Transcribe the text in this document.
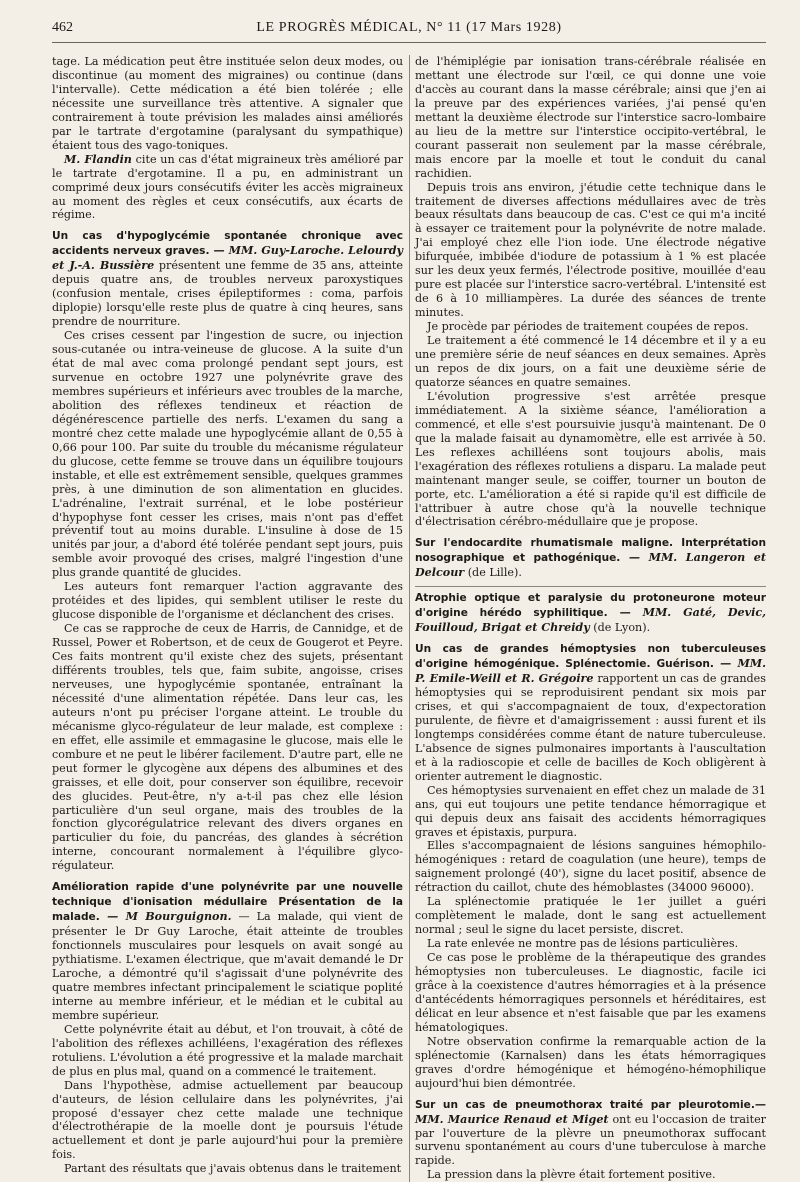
462	LE PROGRÈS MÉDICAL, N° 11 (17 Mars 1928)

tage. La médication peut être instituée selon deux modes, ou discontinue (au moment des migraines) ou continue (dans l'intervalle). Cette médication a été bien tolérée ; elle nécessite une surveillance très attentive. A signaler que contrairement à toute prévision les malades ainsi améliorés par le tartrate d'ergotamine (paralysant du sympathique) étaient tous des vago-toniques.

M. Flandin cite un cas d'état migraineux très amélioré par le tartrate d'ergotamine. Il a pu, en administrant un comprimé deux jours consécutifs éviter les accès migraineux au moment des règles et ceux consécutifs, aux écarts de régime.

Un cas d'hypoglycémie spontanée chronique avec accidents nerveux graves. — MM. Guy-Laroche. Lelourdy et J.-A. Bussière présentent une femme de 35 ans, atteinte depuis quatre ans, de troubles nerveux paroxystiques (confusion mentale, crises épileptiformes : coma, parfois diplopie) lorsqu'elle reste plus de quatre à cinq heures, sans prendre de nourriture.

Ces crises cessent par l'ingestion de sucre, ou injection sous-cutanée ou intra-veineuse de glucose. A la suite d'un état de mal avec coma prolongé pendant sept jours, est survenue en octobre 1927 une polynévrite grave des membres supérieurs et inférieurs avec troubles de la marche, abolition des réflexes tendineux et réaction de dégénérescence partielle des nerfs. L'examen du sang a montré chez cette malade une hypoglycémie allant de 0,55 à 0,66 pour 100. Par suite du trouble du mécanisme régulateur du glucose, cette femme se trouve dans un équilibre toujours instable, et elle est extrêmement sensible, quelques grammes près, à une diminution de son alimentation en glucides. L'adrénaline, l'extrait surrénal, et le lobe postérieur d'hypophyse font cesser les crises, mais n'ont pas d'effet préventif tout au moins durable. L'insuline à dose de 15 unités par jour, a d'abord été tolérée pendant sept jours, puis semble avoir provoqué des crises, malgré l'ingestion d'une plus grande quantité de glucides.

Les auteurs font remarquer l'action aggravante des protéides et des lipides, qui semblent utiliser le reste du glucose disponible de l'organisme et déclanchent des crises.

Ce cas se rapproche de ceux de Harris, de Cannidge, et de Russel, Power et Robertson, et de ceux de Gougerot et Peyre. Ces faits montrent qu'il existe chez des sujets, présentant différents troubles, tels que, faim subite, angoisse, crises nerveuses, une hypoglycémie spontanée, entraînant la nécessité d'une alimentation répétée. Dans leur cas, les auteurs n'ont pu préciser l'organe atteint. Le trouble du mécanisme glyco-régulateur de leur malade, est complexe : en effet, elle assimile et emmagasine le glucose, mais elle le combure et ne peut le libérer facilement. D'autre part, elle ne peut former le glycogène aux dépens des albumines et des graisses, et elle doit, pour conserver son équilibre, recevoir des glucides. Peut-être, n'y a-t-il pas chez elle lésion particulière d'un seul organe, mais des troubles de la fonction glycorégulatrice relevant des divers organes en particulier du foie, du pancréas, des glandes à sécrétion interne, concourant normalement à l'équilibre glyco-régulateur.

Amélioration rapide d'une polynévrite par une nouvelle technique d'ionisation médullaire Présentation de la malade. — M Bourguignon. — La malade, qui vient de présenter le Dr Guy Laroche, était atteinte de troubles fonctionnels musculaires pour lesquels on avait songé au pythiatisme. L'examen électrique, que m'avait demandé le Dr Laroche, a démontré qu'il s'agissait d'une polynévrite des quatre membres infectant principalement le sciatique poplité interne au membre inférieur, et le médian et le cubital au membre supérieur.

Cette polynévrite était au début, et l'on trouvait, à côté de l'abolition des réflexes achilléens, l'exagération des réflexes rotuliens. L'évolution a été progressive et la malade marchait de plus en plus mal, quand on a commencé le traitement.

Dans l'hypothèse, admise actuellement par beaucoup d'auteurs, de lésion cellulaire dans les polynévrites, j'ai proposé d'essayer chez cette malade une technique d'électrothérapie de la moelle dont je poursuis l'étude actuellement et dont je parle aujourd'hui pour la première fois.

Partant des résultats que j'avais obtenus dans le traitement

de l'hémiplégie par ionisation trans-cérébrale réalisée en mettant une électrode sur l'œil, ce qui donne une voie d'accès au courant dans la masse cérébrale; ainsi que j'en ai la preuve par des expériences variées, j'ai pensé qu'en mettant la deuxième électrode sur l'interstice sacro-lombaire au lieu de la mettre sur l'interstice occipito-vertébral, le courant passerait non seulement par la masse cérébrale, mais encore par la moelle et tout le conduit du canal rachidien.

Depuis trois ans environ, j'étudie cette technique dans le traitement de diverses affections médullaires avec de très beaux résultats dans beaucoup de cas. C'est ce qui m'a incité à essayer ce traitement pour la polynévrite de notre malade. J'ai employé chez elle l'ion iode. Une électrode négative bifurquée, imbibée d'iodure de potassium à 1 % est placée sur les deux yeux fermés, l'électrode positive, mouillée d'eau pure est placée sur l'interstice sacro-vertébral. L'intensité est de 6 à 10 milliampères. La durée des séances de trente minutes.

Je procède par périodes de traitement coupées de repos.

Le traitement a été commencé le 14 décembre et il y a eu une première série de neuf séances en deux semaines. Après un repos de dix jours, on a fait une deuxième série de quatorze séances en quatre semaines.

L'évolution progressive s'est arrêtée presque immédiatement. A la sixième séance, l'amélioration a commencé, et elle s'est poursuivie jusqu'à maintenant. De 0 que la malade faisait au dynamomètre, elle est arrivée à 50. Les reflexes achilléens sont toujours abolis, mais l'exagération des réflexes rotuliens a disparu. La malade peut maintenant manger seule, se coiffer, tourner un bouton de porte, etc. L'amélioration a été si rapide qu'il est difficile de l'attribuer à autre chose qu'à la nouvelle technique d'électrisation cérébro-médullaire que je propose.

Sur l'endocardite rhumatismale maligne. Interprétation nosographique et pathogénique. — MM. Langeron et Delcour (de Lille).

Atrophie optique et paralysie du protoneurone moteur d'origine hérédo syphilitique. — MM. Gaté, Devic, Fouilloud, Brigat et Chreidy (de Lyon).

Un cas de grandes hémoptysies non tuberculeuses d'origine hémogénique. Splénectomie. Guérison. — MM. P. Emile-Weill et R. Grégoire rapportent un cas de grandes hémoptysies qui se reproduisirent pendant six mois par crises, et qui s'accompagnaient de toux, d'expectoration purulente, de fièvre et d'amaigrissement : aussi furent et ils longtemps considérées comme étant de nature tuberculeuse. L'absence de signes pulmonaires importants à l'auscultation et à la radioscopie et celle de bacilles de Koch obligèrent à orienter autrement le diagnostic.

Ces hémoptysies survenaient en effet chez un malade de 31 ans, qui eut toujours une petite tendance hémorragique et qui depuis deux ans faisait des accidents hémorragiques graves et épistaxis, purpura.

Elles s'accompagnaient de lésions sanguines hémophilo-hémogéniques : retard de coagulation (une heure), temps de saignement prolongé (40'), signe du lacet positif, absence de rétraction du caillot, chute des hémoblastes (34000 96000).

La splénectomie pratiquée le 1er juillet a guéri complètement le malade, dont le sang est actuellement normal ; seul le signe du lacet persiste, discret.

La rate enlevée ne montre pas de lésions particulières.

Ce cas pose le problème de la thérapeutique des grandes hémoptysies non tuberculeuses. Le diagnostic, facile ici grâce à la coexistence d'autres hémorragies et à la présence d'antécédents hémorragiques personnels et héréditaires, est délicat en leur absence et n'est faisable que par les examens hématologiques.

Notre observation confirme la remarquable action de la splénectomie (Karnalsen) dans les états hémorragiques graves d'ordre hémogénique et hémogéno-hémophilique aujourd'hui bien démontrée.

Sur un cas de pneumothorax traité par pleurotomie.— MM. Maurice Renaud et Miget ont eu l'occasion de traiter par l'ouverture de la plèvre un pneumothorax suffocant survenu spontanément au cours d'une tuberculose à marche rapide.

La pression dans la plèvre était fortement positive.
